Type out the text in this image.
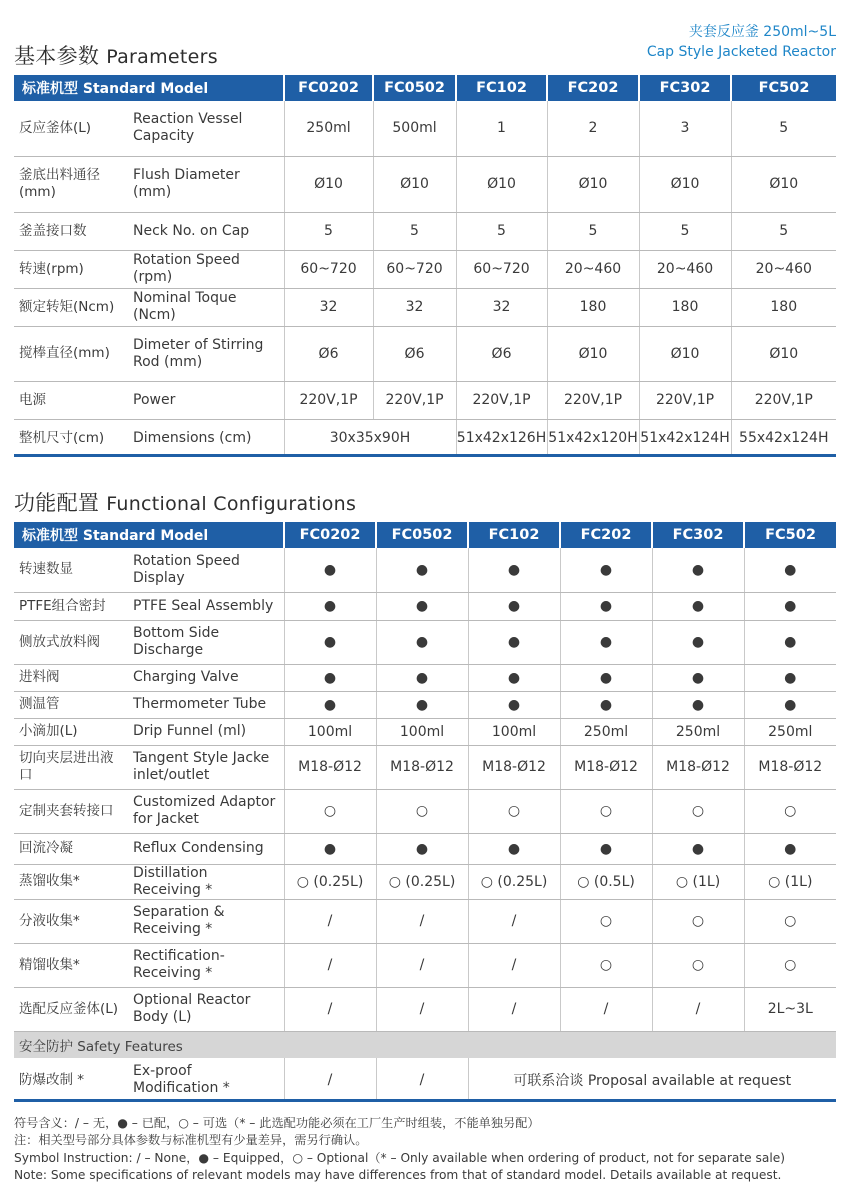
夹套反应釜 250ml~5L
Cap Style Jacketed Reactor
基本参数 Parameters
标准机型 Standard Model		FC0202	FC0502	FC102	FC202	FC302	FC502
反应釜体(L)	Reaction Vessel Capacity	250ml	500ml	1	2	3	5
釜底出料通径(mm)	Flush Diameter (mm)	Ø10	Ø10	Ø10	Ø10	Ø10	Ø10
釜盖接口数	Neck No. on Cap	5	5	5	5	5	5
转速(rpm)	Rotation Speed (rpm)	60~720	60~720	60~720	20~460	20~460	20~460
额定转矩(Ncm)	Nominal Toque (Ncm)	32	32	32	180	180	180
搅棒直径(mm)	Dimeter of Stirring Rod (mm)	Ø6	Ø6	Ø6	Ø10	Ø10	Ø10
电源	Power	220V,1P	220V,1P	220V,1P	220V,1P	220V,1P	220V,1P
整机尺寸(cm)	Dimensions (cm)	30x35x90H		51x42x126H	51x42x120H	51x42x124H	55x42x124H
功能配置 Functional Configurations
标准机型 Standard Model		FC0202	FC0502	FC102	FC202	FC302	FC502
转速数显	Rotation Speed Display	●	●	●	●	●	●
PTFE组合密封	PTFE Seal Assembly	●	●	●	●	●	●
侧放式放料阀	Bottom Side Discharge	●	●	●	●	●	●
进料阀	Charging Valve	●	●	●	●	●	●
测温管	Thermometer Tube	●	●	●	●	●	●
小滴加(L)	Drip Funnel (ml)	100ml	100ml	100ml	250ml	250ml	250ml
切向夹层进出液口	Tangent Style Jacke inlet/outlet	M18-Ø12	M18-Ø12	M18-Ø12	M18-Ø12	M18-Ø12	M18-Ø12
定制夹套转接口	Customized Adaptor for Jacket	○	○	○	○	○	○
回流冷凝	Reflux Condensing	●	●	●	●	●	●
蒸馏收集*	Distillation Receiving *	○ (0.25L)	○ (0.25L)	○ (0.25L)	○ (0.5L)	○ (1L)	○ (1L)
分液收集*	Separation & Receiving *	/	/	/	○	○	○
精馏收集*	Rectification-Receiving *	/	/	/	○	○	○
选配反应釜体(L)	Optional Reactor Body (L)	/	/	/	/	/	2L~3L
安全防护 Safety Features							
防爆改制 *	Ex-proof Modification *	/	/	可联系洽谈 Proposal available at request			
符号含义：/ – 无，● – 已配，○ – 可选（* – 此选配功能必须在工厂生产时组装，不能单独另配）
注：相关型号部分具体参数与标准机型有少量差异，需另行确认。
Symbol Instruction: / – None，● – Equipped，○ – Optional（* – Only available when ordering of product, not for separate sale)
Note: Some specifications of relevant models may have differences from that of standard model. Details available at request.
